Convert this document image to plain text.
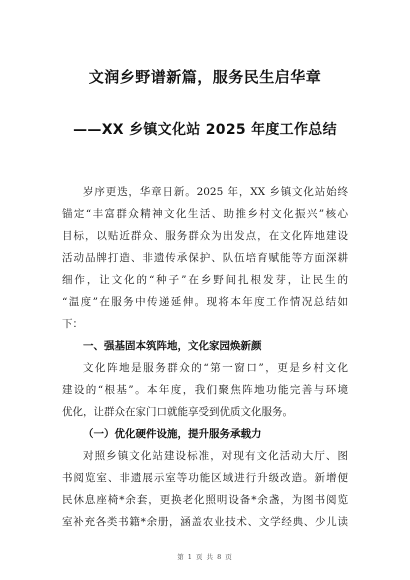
文润乡野谱新篇，服务民生启华章
——XX 乡镇文化站 2025 年度工作总结
岁序更迭，华章日新。2025 年，XX 乡镇文化站始终
锚定“丰富群众精神文化生活、助推乡村文化振兴”核心
目标，以贴近群众、服务群众为出发点，在文化阵地建设
活动品牌打造、非遗传承保护、队伍培育赋能等方面深耕
细作，让文化的“种子”在乡野间扎根发芽，让民生的
“温度”在服务中传递延伸。现将本年度工作情况总结如
下：
一、强基固本筑阵地，文化家园焕新颜
文化阵地是服务群众的“第一窗口”，更是乡村文化
建设的“根基”。本年度，我们聚焦阵地功能完善与环境
优化，让群众在家门口就能享受到优质文化服务。
（一）优化硬件设施，提升服务承载力
对照乡镇文化站建设标准，对现有文化活动大厅、图
书阅览室、非遗展示室等功能区域进行升级改造。新增便
民休息座椅*余套，更换老化照明设备*余盏，为图书阅览
室补充各类书籍*余册，涵盖农业技术、文学经典、少儿读
第 1 页 共 8 页
